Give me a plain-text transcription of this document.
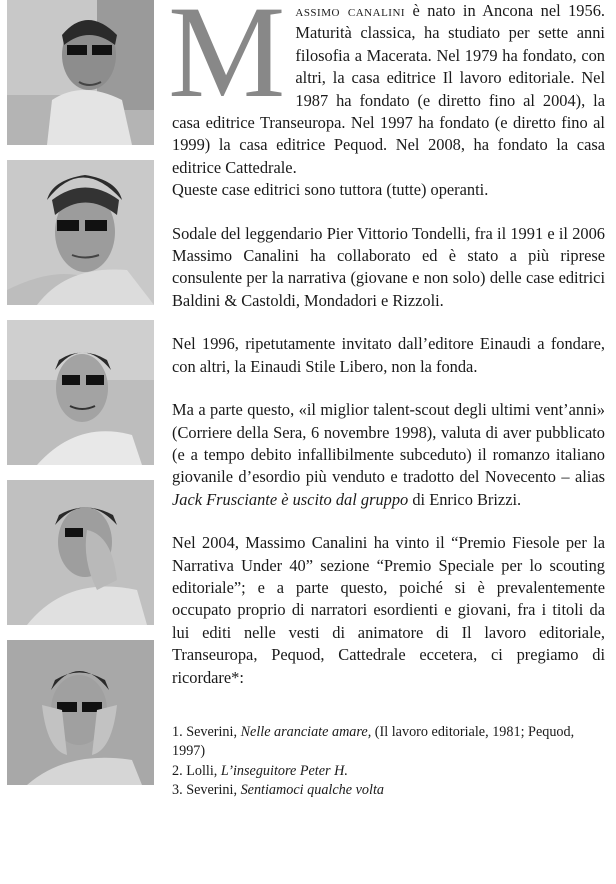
Massimo canalini è nato in Ancona nel 1956. Maturità classica, ha studiato per sette anni filosofia a Macerata. Nel 1979 ha fondato, con altri, la casa editrice Il lavoro editoriale. Nel 1987 ha fondato (e diretto fino al 2004), la casa editrice Transeuropa. Nel 1997 ha fondato (e diretto fino al 1999) la casa editrice Pequod. Nel 2008, ha fondato la casa editrice Cattedrale.
Queste case editrici sono tuttora (tutte) operanti.

Sodale del leggendario Pier Vittorio Tondelli, fra il 1991 e il 2006 Massimo Canalini ha collaborato ed è stato a più riprese consulente per la narrativa (giovane e non solo) delle case editrici Baldini & Castoldi, Mondadori e Rizzoli.

Nel 1996, ripetutamente invitato dall’editore Einaudi a fondare, con altri, la Einaudi Stile Libero, non la fonda.

Ma a parte questo, «il miglior talent-scout degli ultimi vent’anni» (Corriere della Sera, 6 novembre 1998), valuta di aver pubblicato (e a tempo debito infallibilmente subceduto) il romanzo italiano giovanile d’esordio più venduto e tradotto del Novecento – alias Jack Frusciante è uscito dal gruppo di Enrico Brizzi.

Nel 2004, Massimo Canalini ha vinto il “Premio Fiesole per la Narrativa Under 40” sezione “Premio Speciale per lo scouting editoriale”; e a parte questo, poiché si è prevalentemente occupato proprio di narratori esordienti e giovani, fra i titoli da lui editi nelle vesti di animatore di Il lavoro editoriale, Transeuropa, Pequod, Cattedrale eccetera, ci pregiamo di ricordare*:

1. Severini, Nelle aranciate amare, (Il lavoro editoriale, 1981; Pequod, 1997)
2. Lolli, L’inseguitore Peter H.
3. Severini, Sentiamoci qualche volta
